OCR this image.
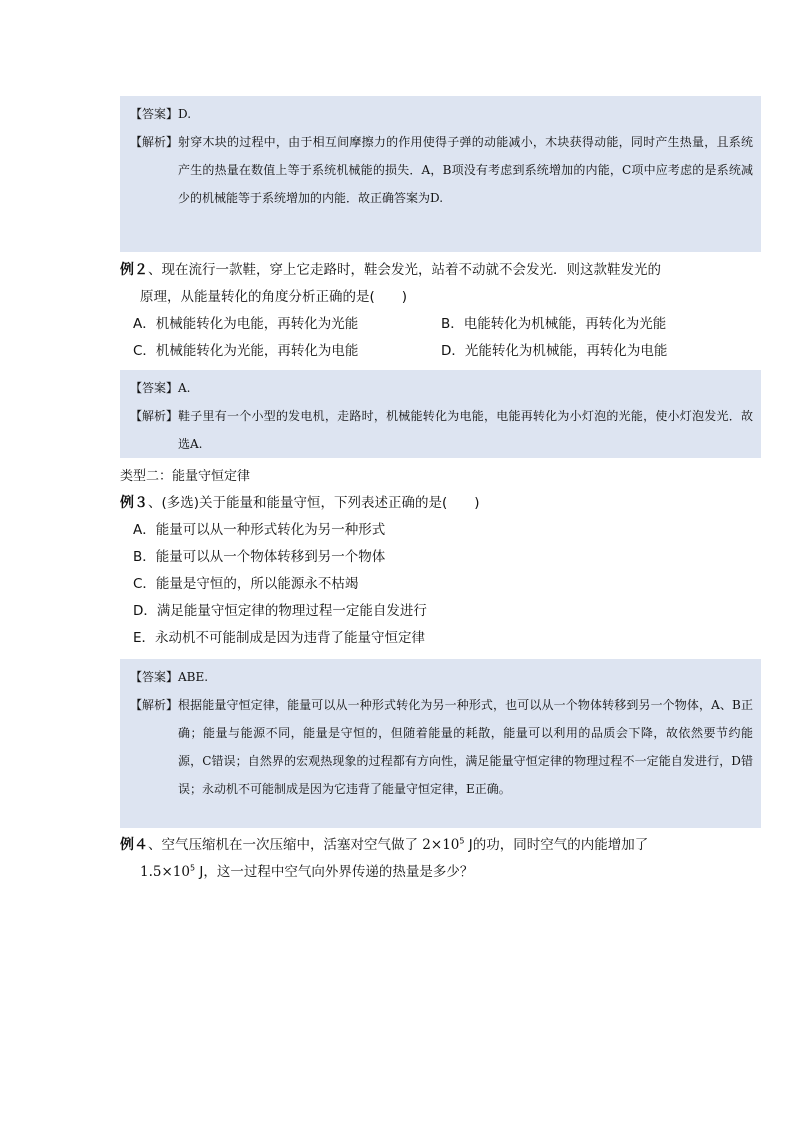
【答案】 D.
【解析】 射穿木块的过程中，由于相互间摩擦力的作用使得子弹的动能减小，木块获得动能，同时产生热量，且系统产生的热量在数值上等于系统机械能的损失．A，B项没有考虑到系统增加的内能，C项中应考虑的是系统减少的机械能等于系统增加的内能．故正确答案为D.
例２、现在流行一款鞋，穿上它走路时，鞋会发光，站着不动就不会发光．则这款鞋发光的
原理，从能量转化的角度分析正确的是(　　)
A．机械能转化为电能，再转化为光能	B．电能转化为机械能，再转化为光能
C．机械能转化为光能，再转化为电能	D．光能转化为机械能，再转化为电能
【答案】 A.
【解析】 鞋子里有一个小型的发电机，走路时，机械能转化为电能，电能再转化为小灯泡的光能，使小灯泡发光．故选A.
类型二：能量守恒定律
例３、(多选)关于能量和能量守恒，下列表述正确的是(　　)
A．能量可以从一种形式转化为另一种形式
B．能量可以从一个物体转移到另一个物体
C．能量是守恒的，所以能源永不枯竭
D．满足能量守恒定律的物理过程一定能自发进行
E．永动机不可能制成是因为违背了能量守恒定律
【答案】 ABE.
【解析】 根据能量守恒定律，能量可以从一种形式转化为另一种形式，也可以从一个物体转移到另一个物体，A、B正确；能量与能源不同，能量是守恒的，但随着能量的耗散，能量可以利用的品质会下降，故依然要节约能源，C错误；自然界的宏观热现象的过程都有方向性，满足能量守恒定律的物理过程不一定能自发进行，D错误；永动机不可能制成是因为它违背了能量守恒定律，E正确。
例４、空气压缩机在一次压缩中，活塞对空气做了 $2\times 10^5$ J的功，同时空气的内能增加了
$1.5\times 10^5$ J，这一过程中空气向外界传递的热量是多少？
